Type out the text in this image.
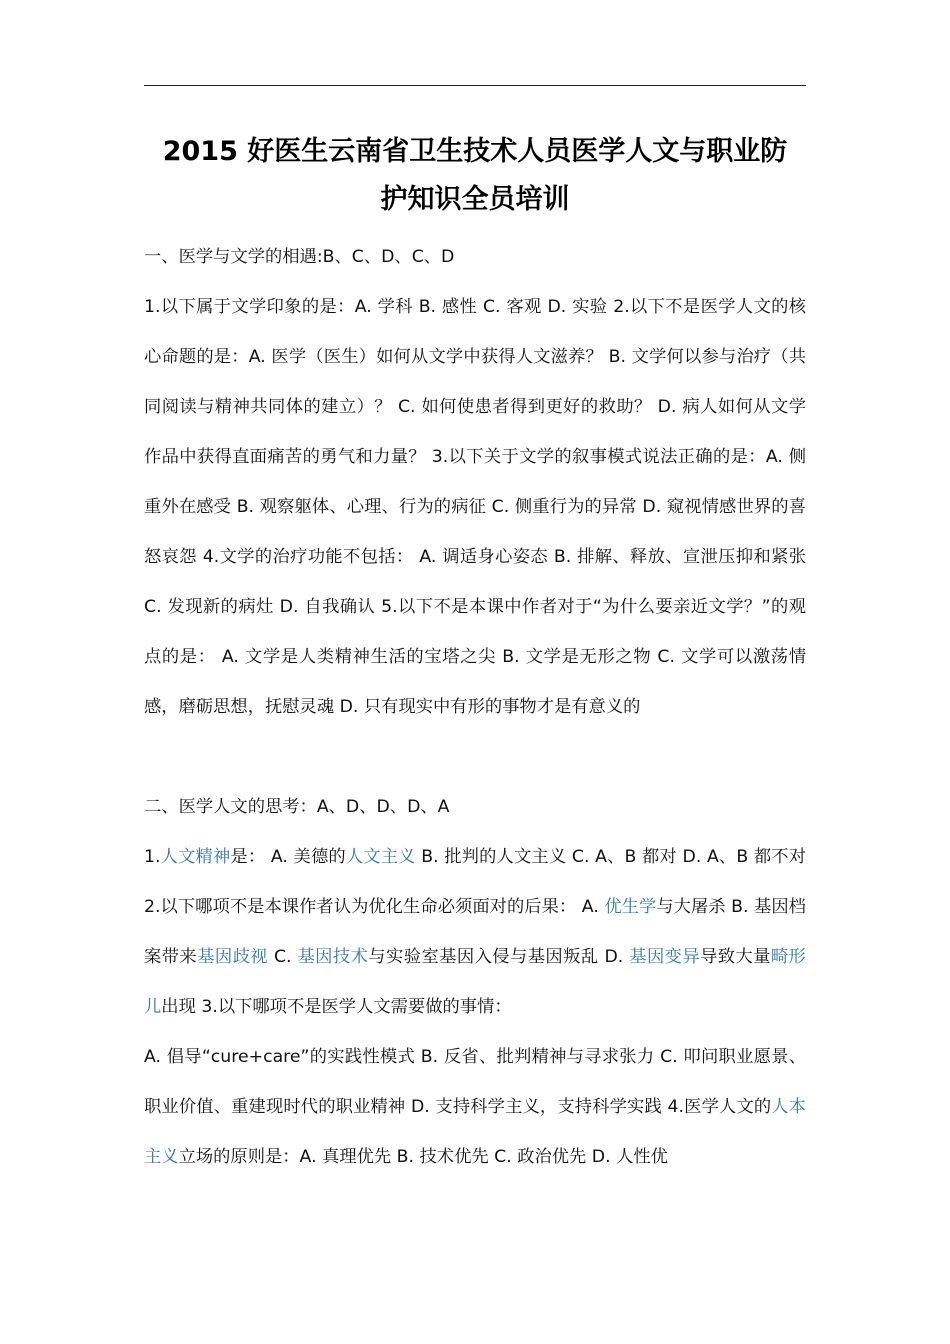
2015 好医生云南省卫生技术人员医学人文与职业防
护知识全员培训

一、医学与文学的相遇:B、C、D、C、D

1.以下属于文学印象的是：A. 学科 B. 感性 C. 客观 D. 实验 2.以下不是医学人文的核心命题的是：A. 医学（医生）如何从文学中获得人文滋养？ B. 文学何以参与治疗（共同阅读与精神共同体的建立）？ C. 如何使患者得到更好的救助？ D. 病人如何从文学作品中获得直面痛苦的勇气和力量？ 3.以下关于文学的叙事模式说法正确的是：A. 侧重外在感受 B. 观察躯体、心理、行为的病征 C. 侧重行为的异常 D. 窥视情感世界的喜怒哀怨 4.文学的治疗功能不包括： A. 调适身心姿态 B. 排解、释放、宣泄压抑和紧张 C. 发现新的病灶 D. 自我确认 5.以下不是本课中作者对于“为什么要亲近文学？”的观点的是： A. 文学是人类精神生活的宝塔之尖 B. 文学是无形之物 C. 文学可以激荡情感，磨砺思想，抚慰灵魂 D. 只有现实中有形的事物才是有意义的

二、医学人文的思考：A、D、D、D、A

1.人文精神是： A. 美德的人文主义 B. 批判的人文主义 C. A、B 都对 D. A、B 都不对 2.以下哪项不是本课作者认为优化生命必须面对的后果： A. 优生学与大屠杀 B. 基因档案带来基因歧视 C. 基因技术与实验室基因入侵与基因叛乱 D. 基因变异导致大量畸形儿出现 3.以下哪项不是医学人文需要做的事情：

A. 倡导“cure+care”的实践性模式 B. 反省、批判精神与寻求张力 C. 叩问职业愿景、职业价值、重建现时代的职业精神 D. 支持科学主义，支持科学实践 4.医学人文的人本主义立场的原则是：A. 真理优先 B. 技术优先 C. 政治优先 D. 人性优
